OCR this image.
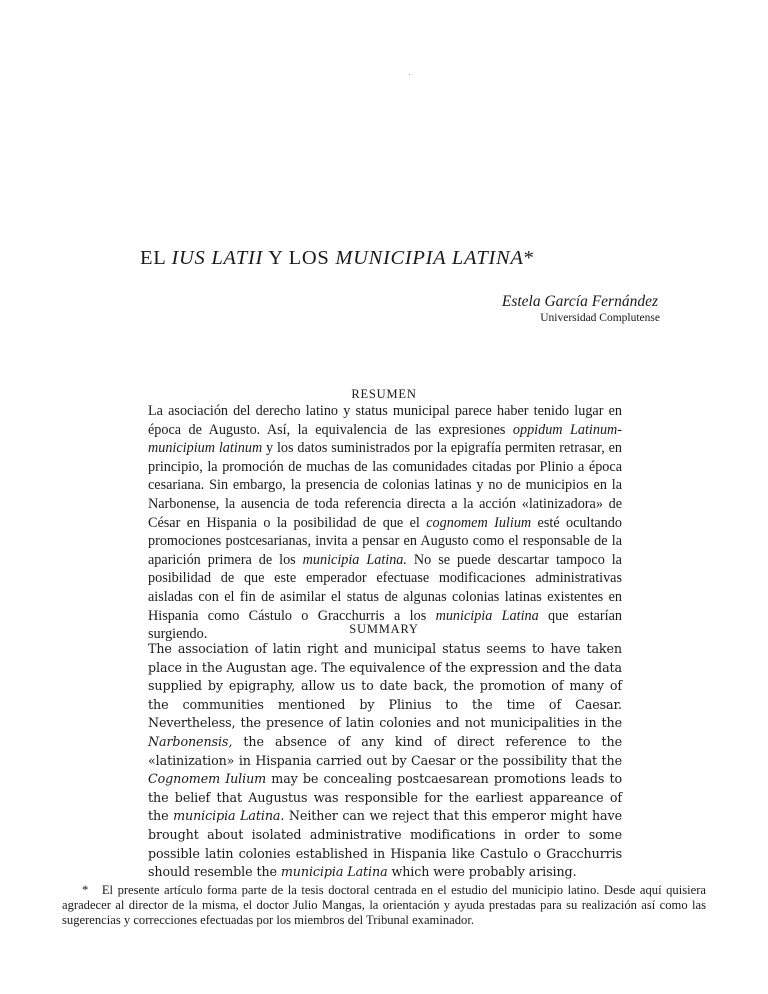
EL IUS LATII Y LOS MUNICIPIA LATINA*
Estela García Fernández
Universidad Complutense
RESUMEN
La asociación del derecho latino y status municipal parece haber tenido lugar en época de Augusto. Así, la equivalencia de las expresiones oppidum Latinum-municipium latinum y los datos suministrados por la epigrafía permiten retrasar, en principio, la promoción de muchas de las comunidades citadas por Plinio a época cesariana. Sin embargo, la presencia de colonias latinas y no de municipios en la Narbonense, la ausencia de toda referencia directa a la acción «latinizadora» de César en Hispania o la posibilidad de que el cognomem Iulium esté ocultando promociones postcesarianas, invita a pensar en Augusto como el responsable de la aparición primera de los municipia Latina. No se puede descartar tampoco la posibilidad de que este emperador efectuase modificaciones administrativas aisladas con el fin de asimilar el status de algunas colonias latinas existentes en Hispania como Cástulo o Gracchurris a los municipia Latina que estarían surgiendo.	SUMMARY
The association of latin right and municipal status seems to have taken place in the Augustan age. The equivalence of the expression and the data supplied by epigraphy, allow us to date back, the promotion of many of the communities mentioned by Plinius to the time of Caesar. Nevertheless, the presence of latin colonies and not municipalities in the Narbonensis, the absence of any kind of direct reference to the «latinization» in Hispania carried out by Caesar or the possibility that the Cognomem Iulium may be concealing postcaesarean promotions leads to the belief that Augustus was responsible for the earliest appareance of the municipia Latina. Neither can we reject that this emperor might have brought about isolated administrative modifications in order to some possible latin colonies established in Hispania like Castulo o Gracchurris should resemble the municipia Latina which were probably arising.
* El presente artículo forma parte de la tesis doctoral centrada en el estudio del municipio latino. Desde aquí quisiera agradecer al director de la misma, el doctor Julio Mangas, la orientación y ayuda prestadas para su realización así como las sugerencias y correcciones efectuadas por los miembros del Tribunal examinador.
